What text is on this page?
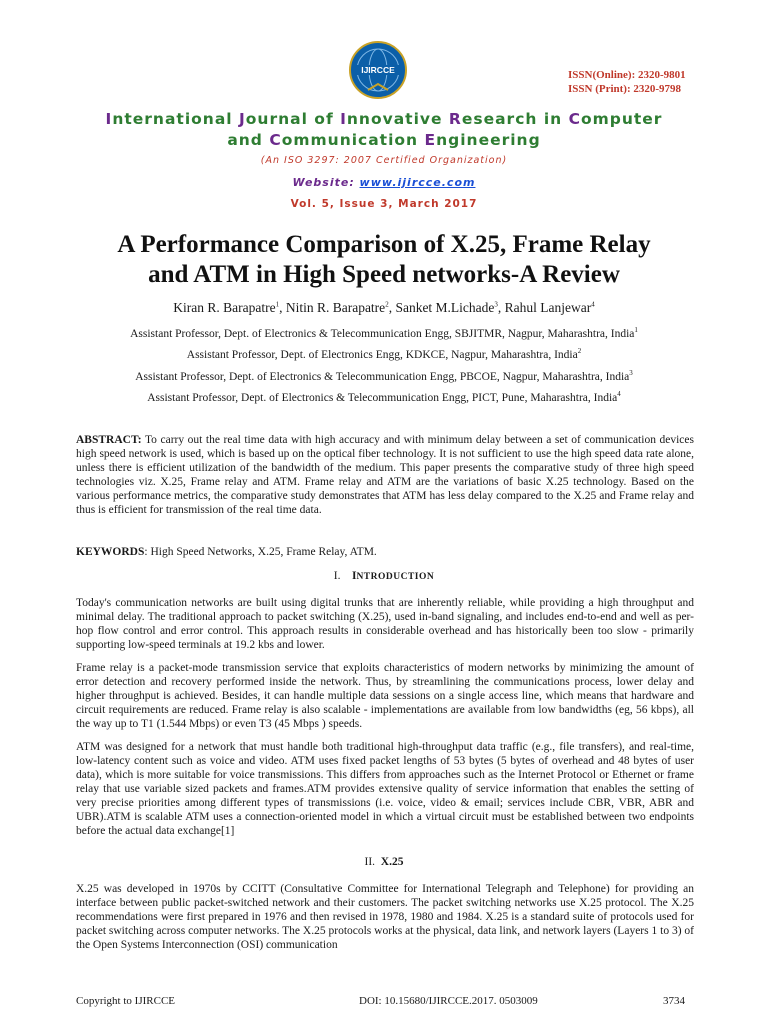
IJIRCCE	ISSN(Online): 2320-9801
ISSN (Print): 2320-9798
International Journal of Innovative Research in Computer
and Communication Engineering
(An ISO 3297: 2007 Certified Organization)
Website: www.ijircce.com
Vol. 5, Issue 3, March 2017
A Performance Comparison of X.25, Frame Relay
and ATM in High Speed networks-A Review
Kiran R. Barapatre$^1$, Nitin R. Barapatre$^2$, Sanket M.Lichade$^3$, Rahul Lanjewar$^4$
Assistant Professor, Dept. of Electronics & Telecommunication Engg, SBJITMR, Nagpur, Maharashtra, India$^1$
Assistant Professor, Dept. of Electronics Engg, KDKCE, Nagpur, Maharashtra, India$^2$
Assistant Professor, Dept. of Electronics & Telecommunication Engg, PBCOE, Nagpur, Maharashtra, India$^3$
Assistant Professor, Dept. of Electronics & Telecommunication Engg, PICT, Pune, Maharashtra, India$^4$
ABSTRACT: To carry out the real time data with high accuracy and with minimum delay between a set of communication devices high speed network is used, which is based up on the optical fiber technology. It is not sufficient to use the high speed data rate alone, unless there is efficient utilization of the bandwidth of the medium. This paper presents the comparative study of three high speed technologies viz. X.25, Frame relay and ATM. Frame relay and ATM are the variations of basic X.25 technology. Based on the various performance metrics, the comparative study demonstrates that ATM has less delay compared to the X.25 and Frame relay and thus is efficient for transmission of the real time data.
KEYWORDS: High Speed Networks, X.25, Frame Relay, ATM.
I. INTRODUCTION
Today's communication networks are built using digital trunks that are inherently reliable, while providing a high throughput and minimal delay. The traditional approach to packet switching (X.25), used in-band signaling, and includes end-to-end and well as per-hop flow control and error control. This approach results in considerable overhead and has historically been too slow - primarily supporting low-speed terminals at 19.2 kbs and lower.
Frame relay is a packet-mode transmission service that exploits characteristics of modern networks by minimizing the amount of error detection and recovery performed inside the network. Thus, by streamlining the communications process, lower delay and higher throughput is achieved. Besides, it can handle multiple data sessions on a single access line, which means that hardware and circuit requirements are reduced. Frame relay is also scalable - implementations are available from low bandwidths (eg, 56 kbps), all the way up to T1 (1.544 Mbps) or even T3 (45 Mbps ) speeds.
ATM was designed for a network that must handle both traditional high-throughput data traffic (e.g., file transfers), and real-time, low-latency content such as voice and video. ATM uses fixed packet lengths of 53 bytes (5 bytes of overhead and 48 bytes of user data), which is more suitable for voice transmissions. This differs from approaches such as the Internet Protocol or Ethernet or frame relay that use variable sized packets and frames.ATM provides extensive quality of service information that enables the setting of very precise priorities among different types of transmissions (i.e. voice, video & email; services include CBR, VBR, ABR and UBR).ATM is scalable ATM uses a connection-oriented model in which a virtual circuit must be established between two endpoints before the actual data exchange[1]
II. X.25
X.25 was developed in 1970s by CCITT (Consultative Committee for International Telegraph and Telephone) for providing an interface between public packet-switched network and their customers. The packet switching networks use X.25 protocol. The X.25 recommendations were first prepared in 1976 and then revised in 1978, 1980 and 1984. X.25 is a standard suite of protocols used for packet switching across computer networks. The X.25 protocols works at the physical, data link, and network layers (Layers 1 to 3) of the Open Systems Interconnection (OSI) communication
Copyright to IJIRCCE	DOI: 10.15680/IJIRCCE.2017. 0503009	3734
